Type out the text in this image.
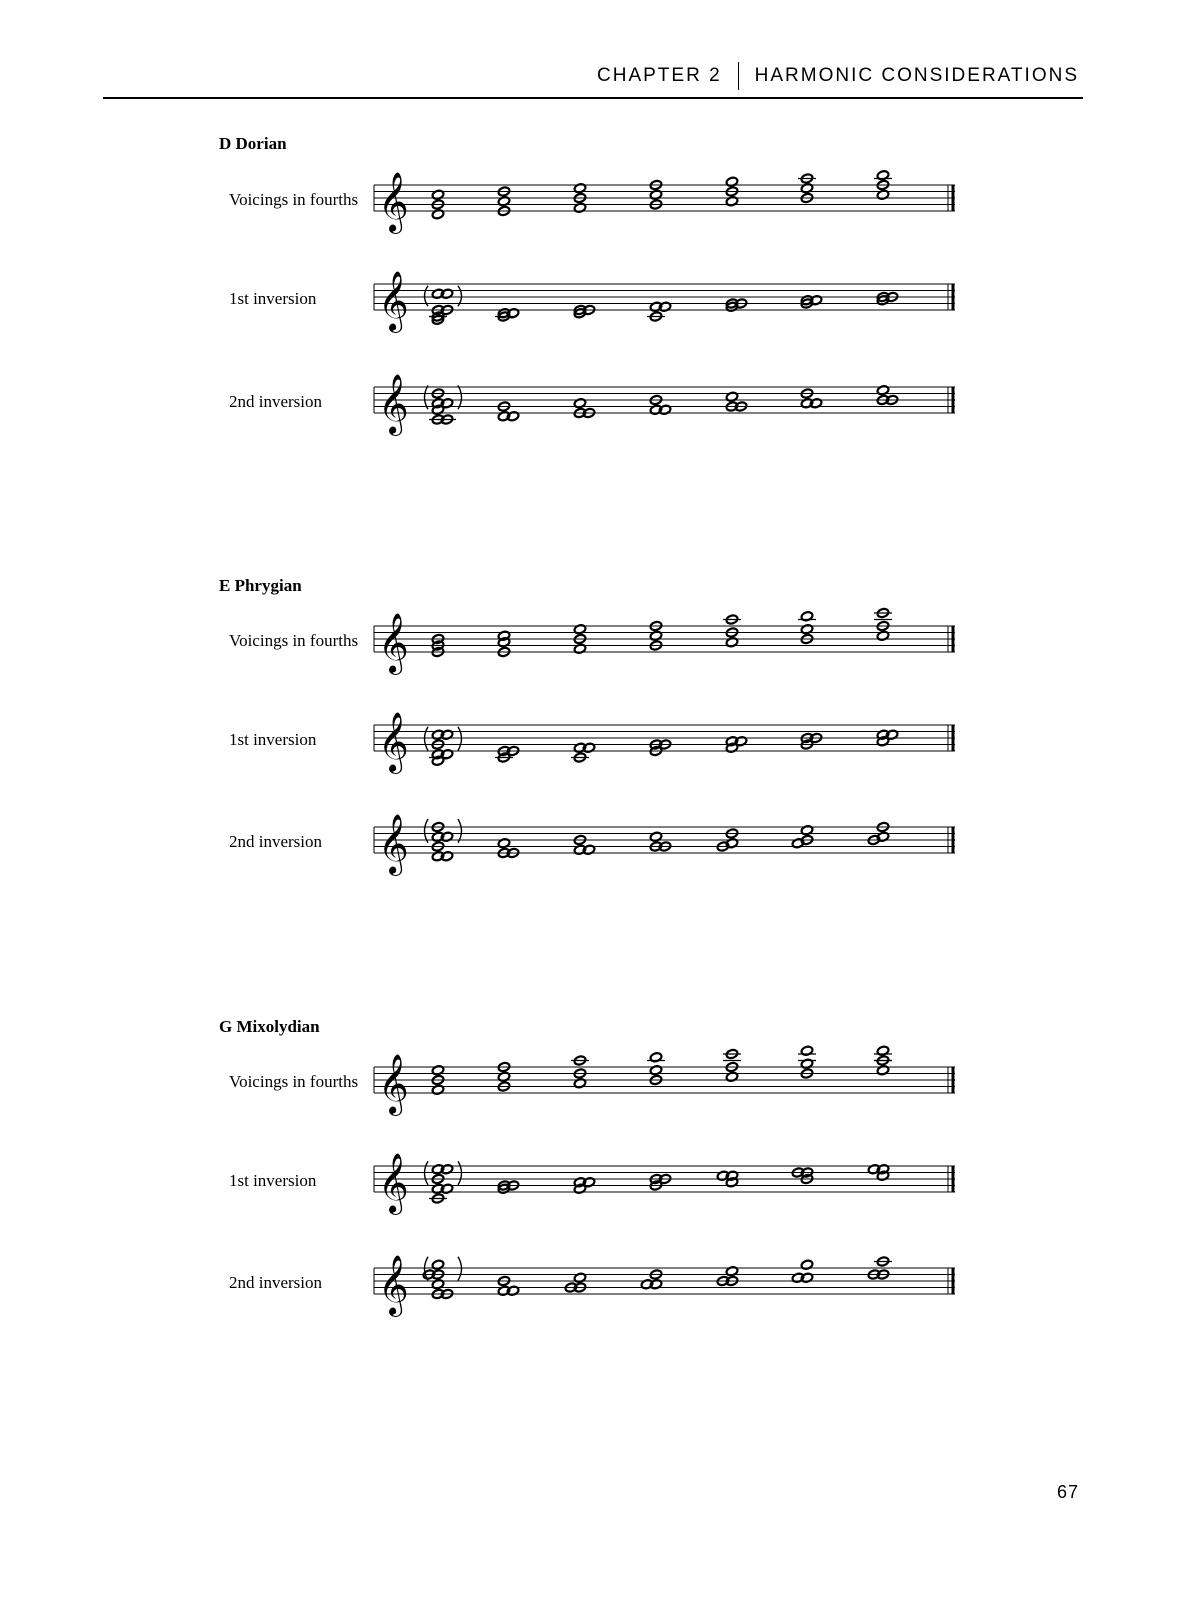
CHAPTER 2 HARMONIC CONSIDERATIONS
D Dorian
E Phrygian
G Mixolydian
Voicings in fourths
1st inversion
2nd inversion
Voicings in fourths
1st inversion
2nd inversion
Voicings in fourths
1st inversion
2nd inversion
𝄞
𝄞
𝄞
𝄞
𝄞
𝄞
𝄞
𝄞
𝄞
67
